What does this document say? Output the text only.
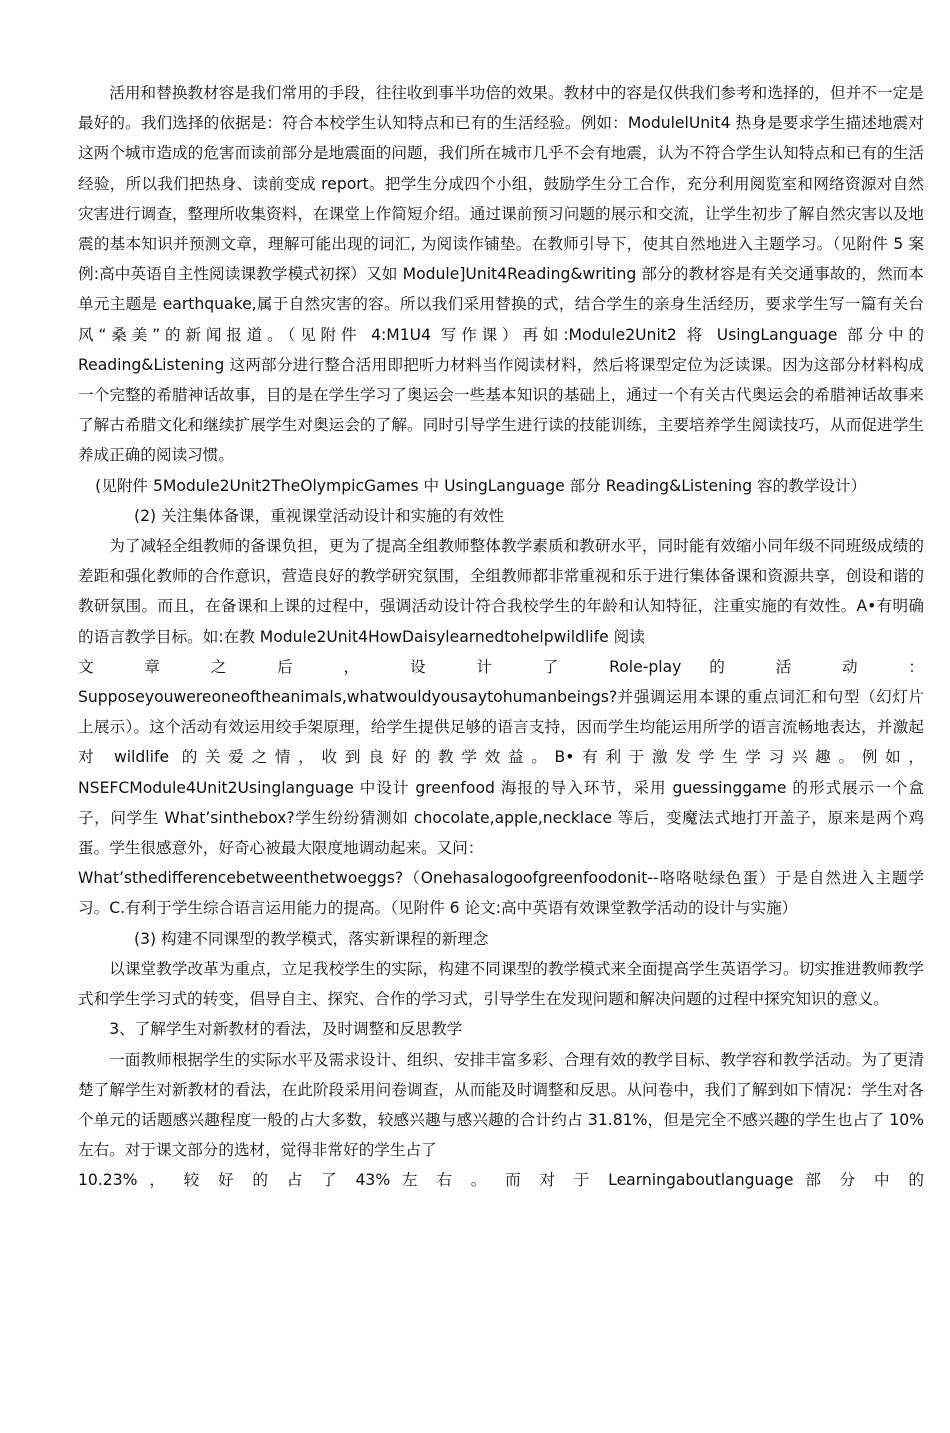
活用和替换教材容是我们常用的手段，往往收到事半功倍的效果。教材中的容是仅供我们参考和选择的，但并不一定是最好的。我们选择的依据是：符合本校学生认知特点和已有的生活经验。例如：ModulelUnit4 热身是要求学生描述地震对这两个城市造成的危害而读前部分是地震面的问题，我们所在城市几乎不会有地震，认为不符合学生认知特点和已有的生活经验，所以我们把热身、读前变成 report。把学生分成四个小组，鼓励学生分工合作，充分利用阅览室和网络资源对自然灾害进行调查，整理所收集资料，在课堂上作简短介绍。通过课前预习问题的展示和交流，让学生初步了解自然灾害以及地震的基本知识并预测文章，理解可能出现的词汇, 为阅读作铺垫。在教师引导下，使其自然地进入主题学习。（见附件 5 案例:高中英语自主性阅读课教学模式初探）又如 Module]Unit4Reading&writing 部分的教材容是有关交通事故的，然而本单元主题是 earthquake,属于自然灾害的容。所以我们采用替换的式，结合学生的亲身生活经历，要求学生写一篇有关台风“桑美”的新闻报道。（见附件 4:M1U4 写作课）再如:Module2Unit2 将 UsingLanguage 部分中的 Reading&Listening 这两部分进行整合活用即把听力材料当作阅读材料，然后将课型定位为泛读课。因为这部分材料构成一个完整的希腊神话故事，目的是在学生学习了奥运会一些基本知识的基础上，通过一个有关古代奥运会的希腊神话故事来了解古希腊文化和继续扩展学生对奥运会的了解。同时引导学生进行读的技能训练，主要培养学生阅读技巧，从而促进学生养成正确的阅读习惯。

(见附件 5Module2Unit2TheOlympicGames 中 UsingLanguage 部分 Reading&Listening 容的教学设计）

(2) 关注集体备课，重视课堂活动设计和实施的有效性

为了减轻全组教师的备课负担，更为了提高全组教师整体教学素质和教研水平，同时能有效缩小同年级不同班级成绩的差距和强化教师的合作意识，营造良好的教学研究氛围，全组教师都非常重视和乐于进行集体备课和资源共享，创设和谐的教研氛围。而且，在备课和上课的过程中，强调活动设计符合我校学生的年龄和认知特征，注重实施的有效性。A•有明确的语言教学目标。如:在教 Module2Unit4HowDaisylearnedtohelpwildlife 阅读

文 章 之 后 ， 设 计 了 Role-play 的 活 动 ：

Supposeyouwereoneoftheanimals,whatwouldyousaytohumanbeings?并强调运用本课的重点词汇和句型（幻灯片上展示）。这个活动有效运用绞手架原理，给学生提供足够的语言支持，因而学生均能运用所学的语言流畅地表达，并激起对 wildlife 的关爱之情，收到良好的教学效益。B•有利于激发学生学习兴趣。例如，NSEFCModule4Unit2Usinglanguage 中设计 greenfood 海报的导入环节，采用 guessinggame 的形式展示一个盒子，问学生 What’sinthebox?学生纷纷猜测如 chocolate,apple,necklace 等后，变魔法式地打开盖子，原来是两个鸡蛋。学生很感意外，好奇心被最大限度地调动起来。又问：

What’sthedifferencebetweenthetwoeggs?（Onehasalogoofgreenfoodonit--咯咯哒绿色蛋）于是自然进入主题学习。C.有利于学生综合语言运用能力的提高。（见附件 6 论文:高中英语有效课堂教学活动的设计与实施）

(3) 构建不同课型的教学模式，落实新课程的新理念

以课堂教学改革为重点，立足我校学生的实际，构建不同课型的教学模式来全面提高学生英语学习。切实推进教师教学式和学生学习式的转变，倡导自主、探究、合作的学习式，引导学生在发现问题和解决问题的过程中探究知识的意义。

3、了解学生对新教材的看法，及时调整和反思教学

一面教师根据学生的实际水平及需求设计、组织、安排丰富多彩、合理有效的教学目标、教学容和教学活动。为了更清楚了解学生对新教材的看法，在此阶段采用问卷调查，从而能及时调整和反思。从问卷中，我们了解到如下情况：学生对各个单元的话题感兴趣程度一般的占大多数，较感兴趣与感兴趣的合计约占 31.81%，但是完全不感兴趣的学生也占了 10%左右。对于课文部分的选材，觉得非常好的学生占了

10.23% ， 较 好 的 占 了 43% 左 右 。 而 对 于 Learningaboutlanguage 部 分 中 的
